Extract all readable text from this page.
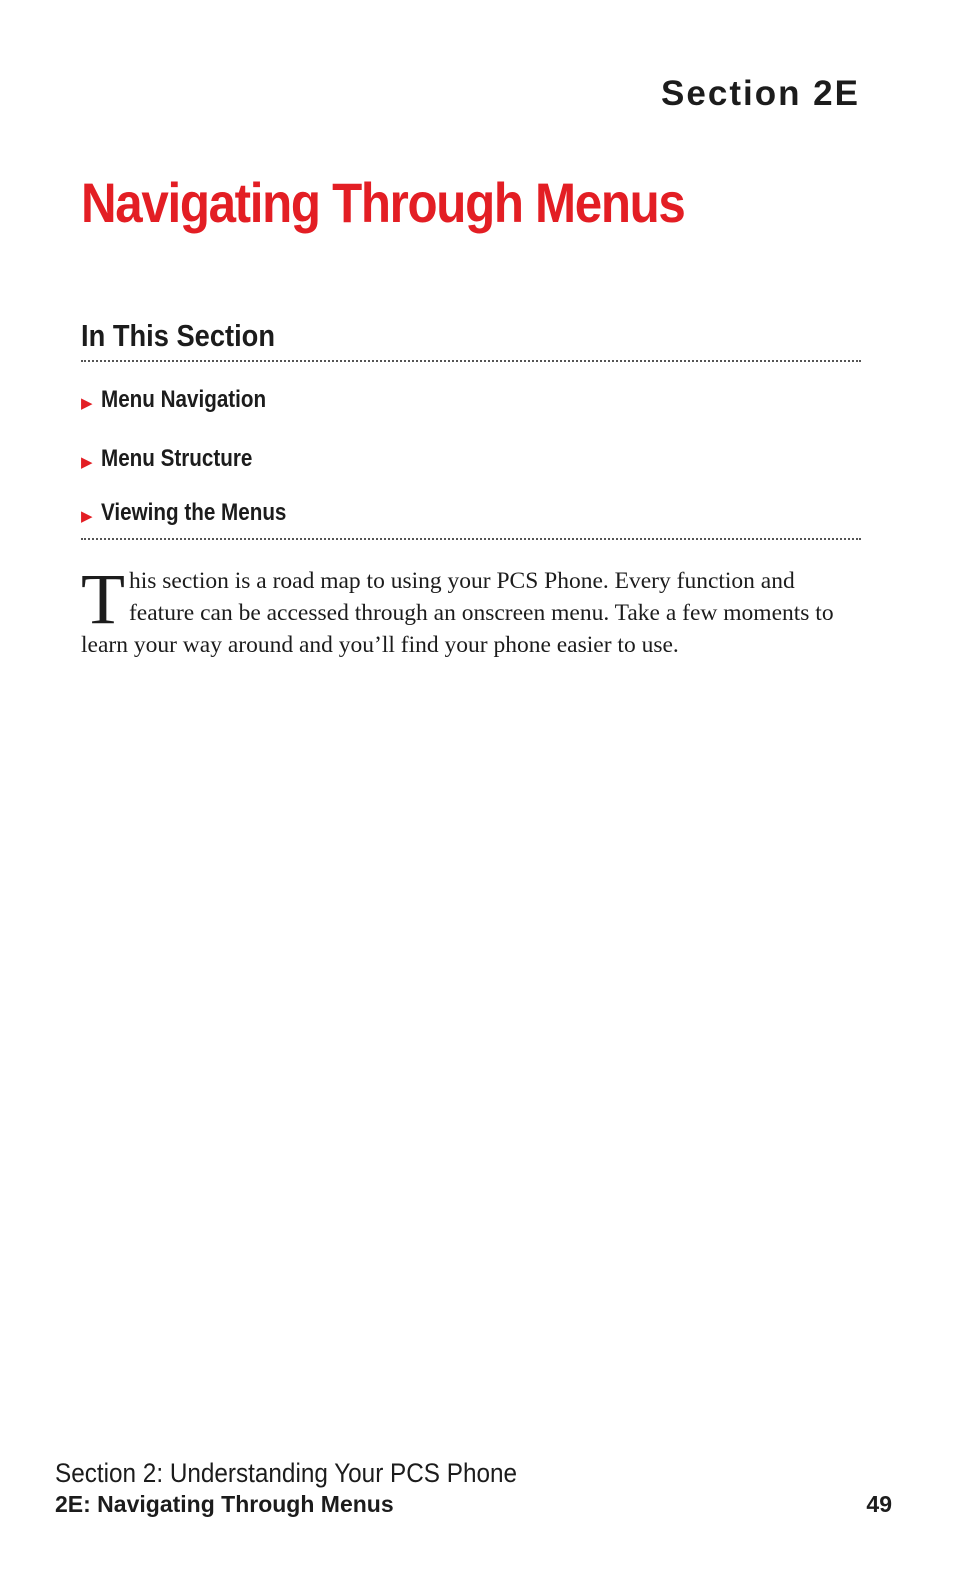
Section 2E
Navigating Through Menus
In This Section
▶ Menu Navigation
▶ Menu Structure
▶ Viewing the Menus

This section is a road map to using your PCS Phone. Every function and feature can be accessed through an onscreen menu. Take a few moments to learn your way around and you’ll find your phone easier to use.

Section 2: Understanding Your PCS Phone
2E: Navigating Through Menus	49
